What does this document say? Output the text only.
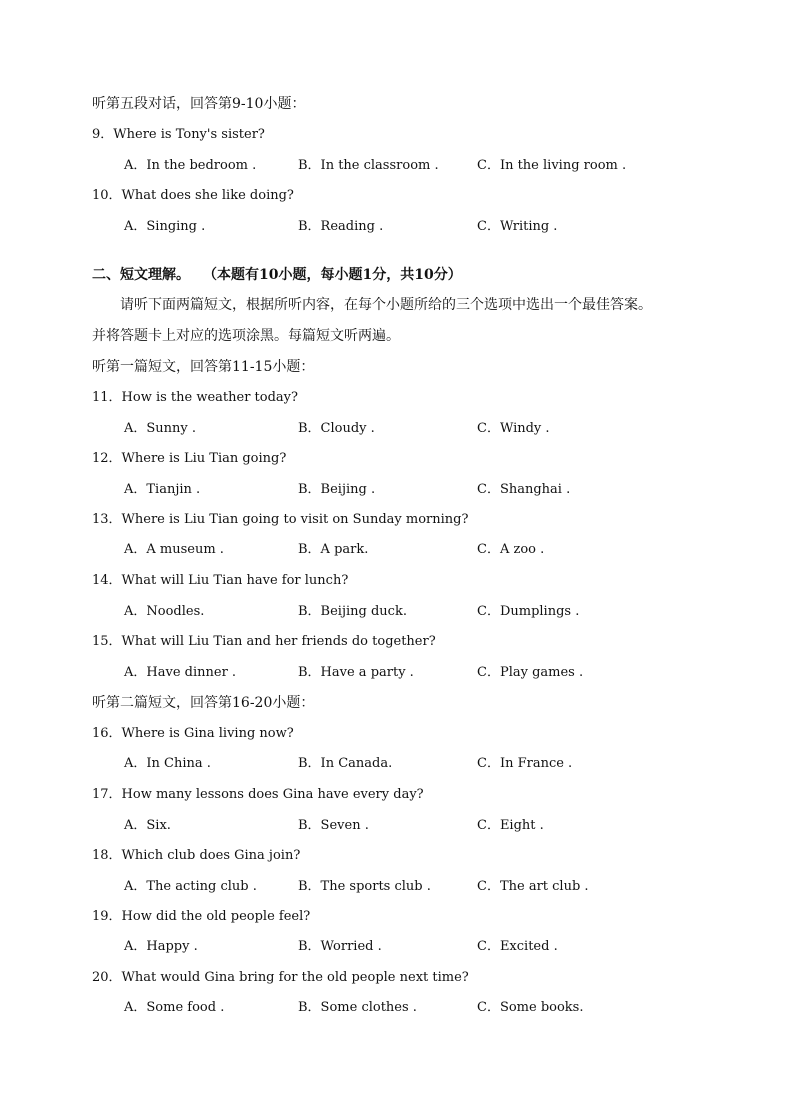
听第五段对话，回答第9-10小题：
9．Where is Tony's sister?
A．In the bedroom .	B．In the classroom .	C．In the living room .
10．What does she like doing?
A．Singing .	B．Reading .	C．Writing .
二、短文理解。 （本题有10小题，每小题1分，共10分）
请听下面两篇短文，根据所听内容，在每个小题所给的三个选项中选出一个最佳答案。
并将答题卡上对应的选项涂黑。每篇短文听两遍。
听第一篇短文，回答第11-15小题：
11．How is the weather today?
A．Sunny .	B．Cloudy .	C．Windy .
12．Where is Liu Tian going?
A．Tianjin .	B．Beijing .	C．Shanghai .
13．Where is Liu Tian going to visit on Sunday morning?
A．A museum .	B．A park.	C．A zoo .
14．What will Liu Tian have for lunch?
A．Noodles.	B．Beijing duck.	C．Dumplings .
15．What will Liu Tian and her friends do together?
A．Have dinner .	B．Have a party .	C．Play games .
听第二篇短文，回答第16-20小题：
16．Where is Gina living now?
A．In China .	B．In Canada.	C．In France .
17．How many lessons does Gina have every day?
A．Six.	B．Seven .	C．Eight .
18．Which club does Gina join?
A．The acting club .	B．The sports club .	C．The art club .
19．How did the old people feel?
A．Happy .	B．Worried .	C．Excited .
20．What would Gina bring for the old people next time?
A．Some food .	B．Some clothes .	C．Some books.
